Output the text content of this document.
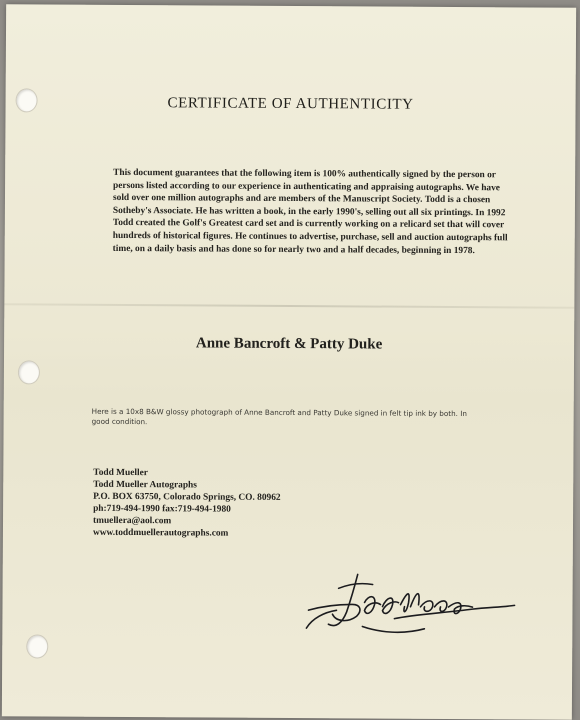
CERTIFICATE OF AUTHENTICITY

This document guarantees that the following item is 100% authentically signed by the person or persons listed according to our experience in authenticating and appraising autographs. We have sold over one million autographs and are members of the Manuscript Society. Todd is a chosen Sotheby's Associate. He has written a book, in the early 1990's, selling out all six printings. In 1992 Todd created the Golf's Greatest card set and is currently working on a relicard set that will cover hundreds of historical figures. He continues to advertise, purchase, sell and auction autographs full time, on a daily basis and has done so for nearly two and a half decades, beginning in 1978.

Anne Bancroft & Patty Duke

Here is a 10x8 B&W glossy photograph of Anne Bancroft and Patty Duke signed in felt tip ink by both. In good condition.

Todd Mueller
Todd Mueller Autographs
P.O. BOX 63750, Colorado Springs, CO. 80962
ph:719-494-1990 fax:719-494-1980
tmuellera@aol.com
www.toddmuellerautographs.com
